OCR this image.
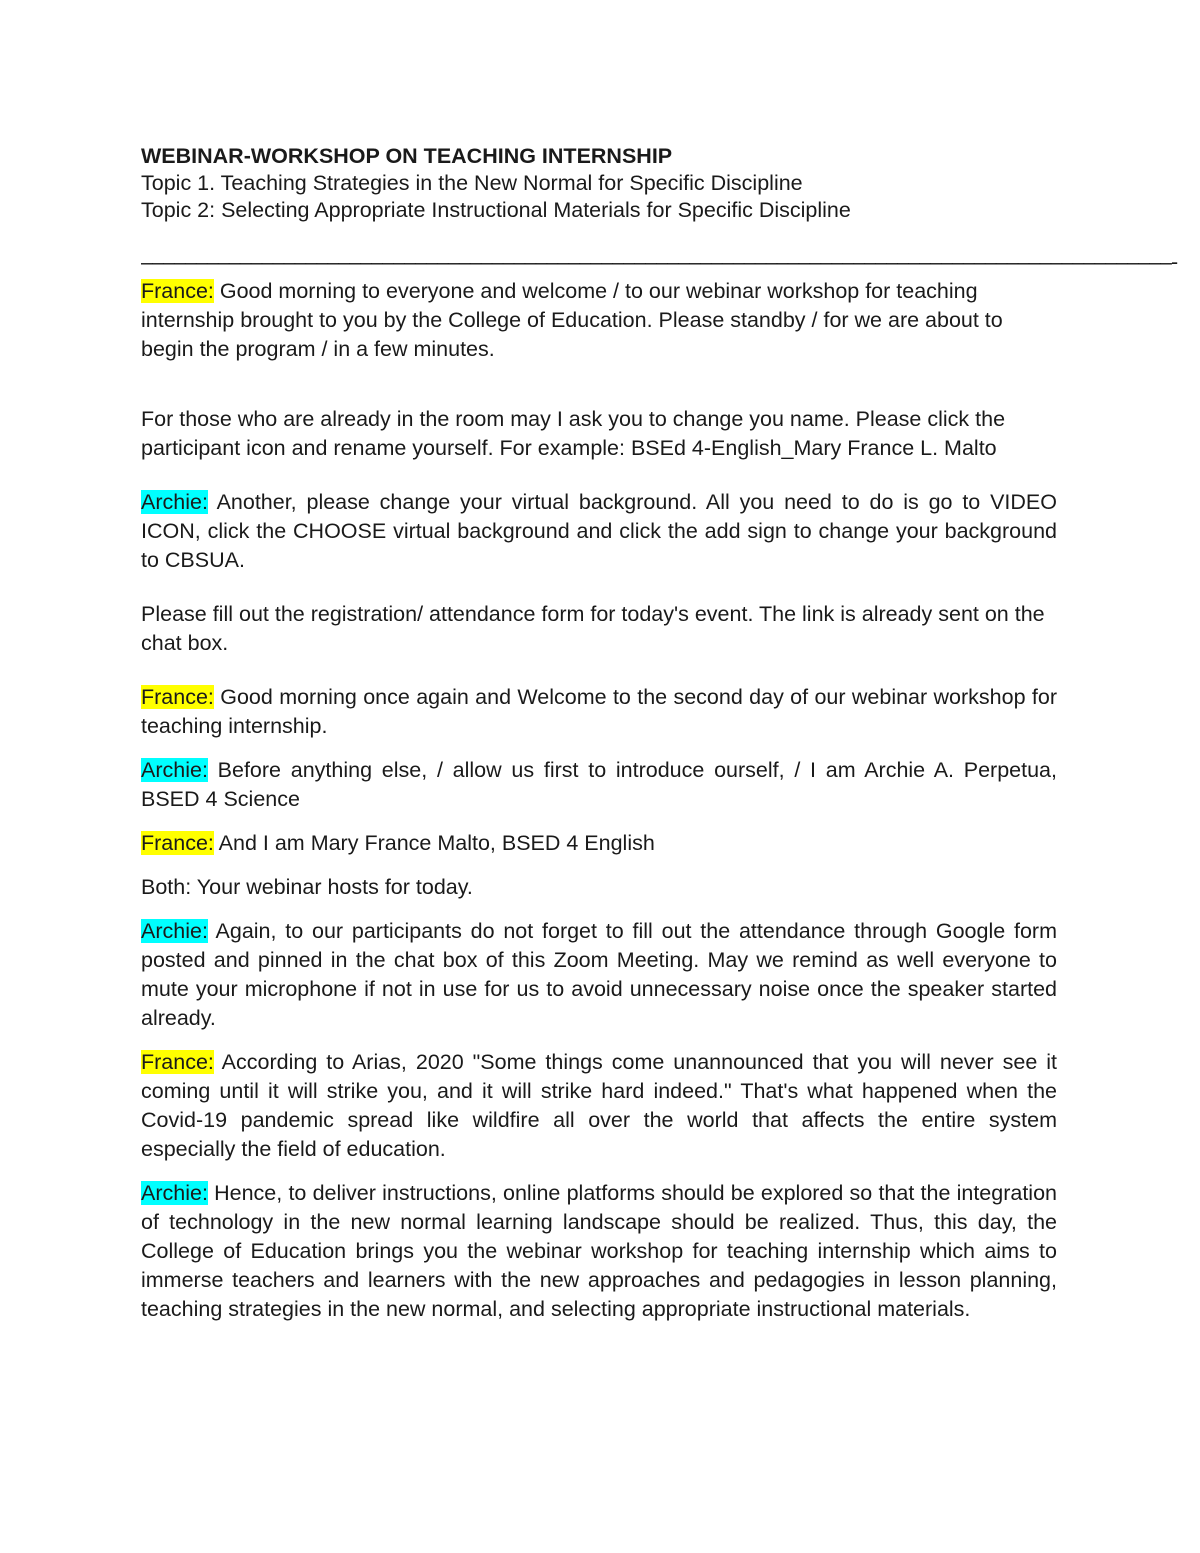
WEBINAR-WORKSHOP ON TEACHING INTERNSHIP

Topic 1. Teaching Strategies in the New Normal for Specific Discipline

Topic 2: Selecting Appropriate Instructional Materials for Specific Discipline

––––––––––––––––––––––––––––––––––––––––––––––––––––––––––––––––––––––––––––––––––––––––––––––-

France: Good morning to everyone and welcome / to our webinar workshop for teaching internship brought to you by the College of Education. Please standby / for we are about to begin the program / in a few minutes.

For those who are already in the room may I ask you to change you name. Please click the participant icon and rename yourself. For example: BSEd 4-English_Mary France L. Malto

Archie: Another, please change your virtual background. All you need to do is go to VIDEO ICON, click the CHOOSE virtual background and click the add sign to change your background to CBSUA.

Please fill out the registration/ attendance form for today's event. The link is already sent on the chat box.

France: Good morning once again and Welcome to the second day of our webinar workshop for teaching internship.

Archie: Before anything else, / allow us first to introduce ourself, / I am Archie A. Perpetua, BSED 4 Science

France: And I am Mary France Malto, BSED 4 English

Both: Your webinar hosts for today.

Archie: Again, to our participants do not forget to fill out the attendance through Google form posted and pinned in the chat box of this Zoom Meeting. May we remind as well everyone to mute your microphone if not in use for us to avoid unnecessary noise once the speaker started already.

France: According to Arias, 2020 "Some things come unannounced that you will never see it coming until it will strike you, and it will strike hard indeed." That's what happened when the Covid-19 pandemic spread like wildfire all over the world that affects the entire system especially the field of education.

Archie: Hence, to deliver instructions, online platforms should be explored so that the integration of technology in the new normal learning landscape should be realized. Thus, this day, the College of Education brings you the webinar workshop for teaching internship which aims to immerse teachers and learners with the new approaches and pedagogies in lesson planning, teaching strategies in the new normal, and selecting appropriate instructional materials.
